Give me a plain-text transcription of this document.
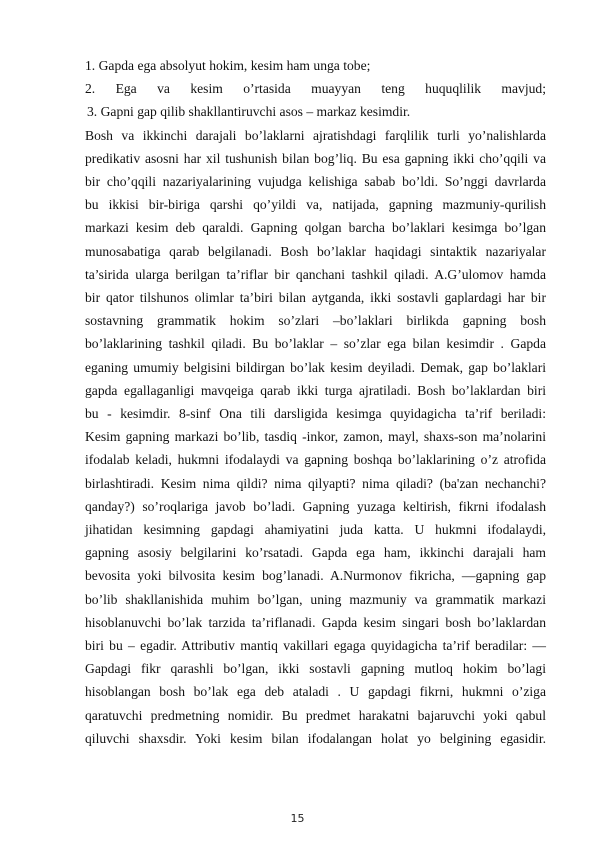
1. Gapda ega absolyut hokim, kesim ham unga tobe;

2. Ega va kesim o’rtasida muayyan teng huquqlilik mavjud;

3. Gapni gap qilib shakllantiruvchi asos – markaz kesimdir.

Bosh va ikkinchi darajali bo’laklarni ajratishdagi farqlilik turli yo’nalishlarda

predikativ asosni har xil tushunish bilan bog’liq. Bu esa gapning ikki cho’qqili va

bir cho’qqili nazariyalarining vujudga kelishiga sabab bo’ldi. So’nggi davrlarda

bu ikkisi bir-biriga qarshi qo’yildi va, natijada, gapning mazmuniy-qurilish

markazi kesim deb qaraldi. Gapning qolgan barcha bo’laklari kesimga bo’lgan

munosabatiga qarab belgilanadi. Bosh bo’laklar haqidagi sintaktik nazariyalar

ta’sirida ularga berilgan ta’riflar bir qanchani tashkil qiladi. A.G’ulomov hamda

bir qator tilshunos olimlar ta’biri bilan aytganda, ikki sostavli gaplardagi har bir

sostavning grammatik hokim so’zlari –bo’laklari birlikda gapning bosh

bo’laklarining tashkil qiladi. Bu bo’laklar – so’zlar ega bilan kesimdir . Gapda

eganing umumiy belgisini bildirgan bo’lak kesim deyiladi. Demak, gap bo’laklari

gapda egallaganligi mavqeiga qarab ikki turga ajratiladi. Bosh bo’laklardan biri

bu - kesimdir. 8-sinf Ona tili darsligida kesimga quyidagicha ta’rif beriladi:

Kesim gapning markazi bo’lib, tasdiq -inkor, zamon, mayl, shaxs-son ma’nolarini

ifodalab keladi, hukmni ifodalaydi va gapning boshqa bo’laklarining o’z atrofida

birlashtiradi. Kesim nima qildi? nima qilyapti? nima qiladi? (ba'zan nechanchi?

qanday?) so’roqlariga javob bo’ladi. Gapning yuzaga keltirish, fikrni ifodalash

jihatidan kesimning gapdagi ahamiyatini juda katta. U hukmni ifodalaydi,

gapning asosiy belgilarini ko’rsatadi. Gapda ega ham, ikkinchi darajali ham

bevosita yoki bilvosita kesim bog’lanadi. A.Nurmonov fikricha, ―gapning gap

bo’lib shakllanishida muhim bo’lgan, uning mazmuniy va grammatik markazi

hisoblanuvchi bo’lak tarzida ta’riflanadi. Gapda kesim singari bosh bo’laklardan

biri bu – egadir. Attributiv mantiq vakillari egaga quyidagicha ta’rif beradilar: ―

Gapdagi fikr qarashli bo’lgan, ikki sostavli gapning mutloq hokim bo’lagi

hisoblangan bosh bo’lak ega deb ataladi . U gapdagi fikrni, hukmni o’ziga

qaratuvchi predmetning nomidir. Bu predmet harakatni bajaruvchi yoki qabul

qiluvchi shaxsdir. Yoki kesim bilan ifodalangan holat yo belgining egasidir.

15
